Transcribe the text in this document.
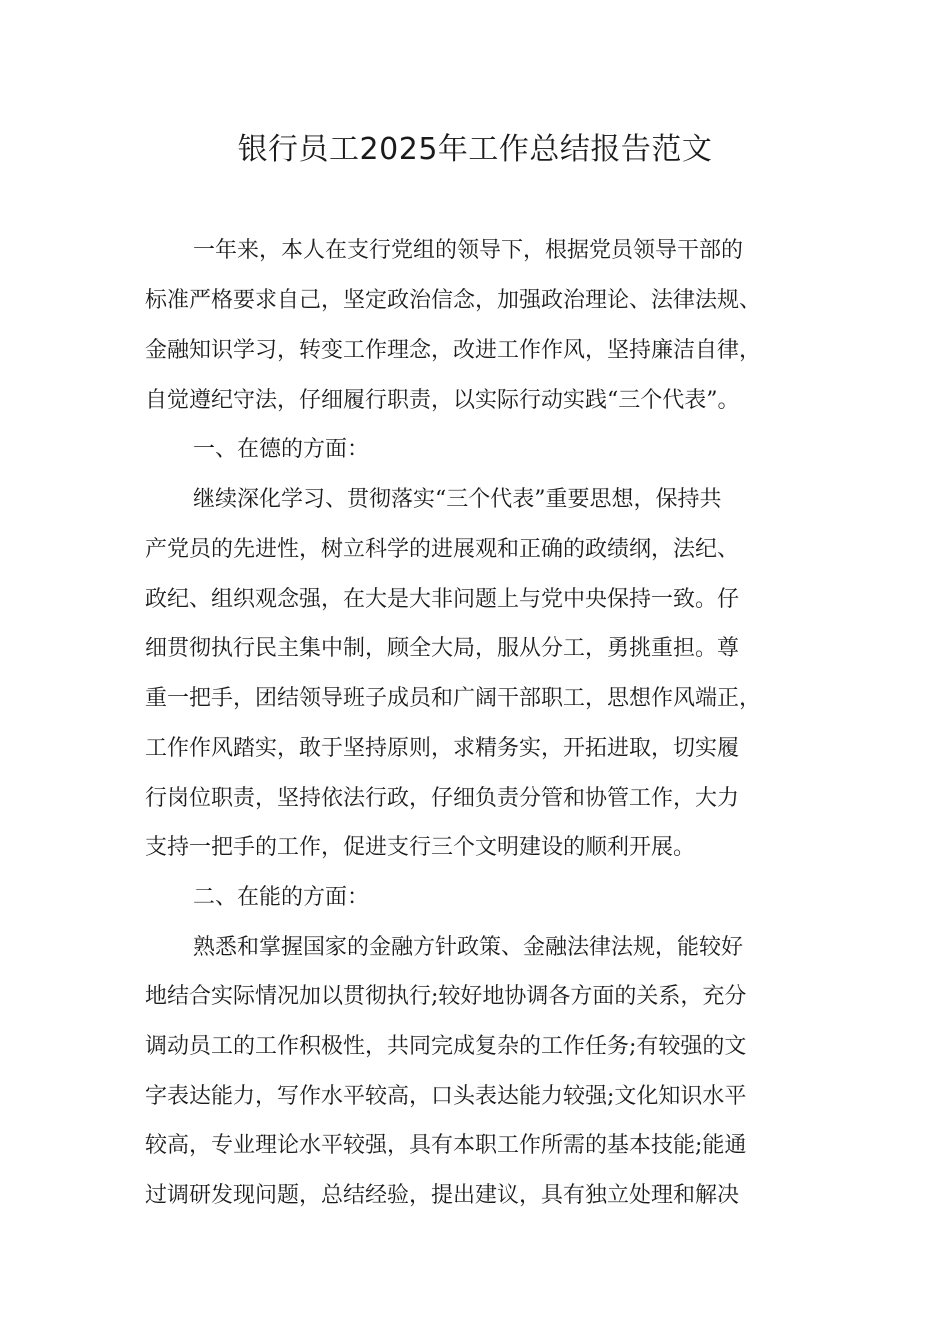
银行员工2025年工作总结报告范文
一年来，本人在支行党组的领导下，根据党员领导干部的
标准严格要求自己，坚定政治信念，加强政治理论、法律法规、
金融知识学习，转变工作理念，改进工作作风，坚持廉洁自律，
自觉遵纪守法，仔细履行职责，以实际行动实践“三个代表”。
一、在德的方面：
继续深化学习、贯彻落实“三个代表”重要思想，保持共
产党员的先进性，树立科学的进展观和正确的政绩纲，法纪、
政纪、组织观念强，在大是大非问题上与党中央保持一致。仔
细贯彻执行民主集中制，顾全大局，服从分工，勇挑重担。尊
重一把手，团结领导班子成员和广阔干部职工，思想作风端正，
工作作风踏实，敢于坚持原则，求精务实，开拓进取，切实履
行岗位职责，坚持依法行政，仔细负责分管和协管工作，大力
支持一把手的工作，促进支行三个文明建设的顺利开展。
二、在能的方面：
熟悉和掌握国家的金融方针政策、金融法律法规，能较好
地结合实际情况加以贯彻执行;较好地协调各方面的关系，充分
调动员工的工作积极性，共同完成复杂的工作任务;有较强的文
字表达能力，写作水平较高，口头表达能力较强;文化知识水平
较高，专业理论水平较强，具有本职工作所需的基本技能;能通
过调研发现问题，总结经验，提出建议，具有独立处理和解决
